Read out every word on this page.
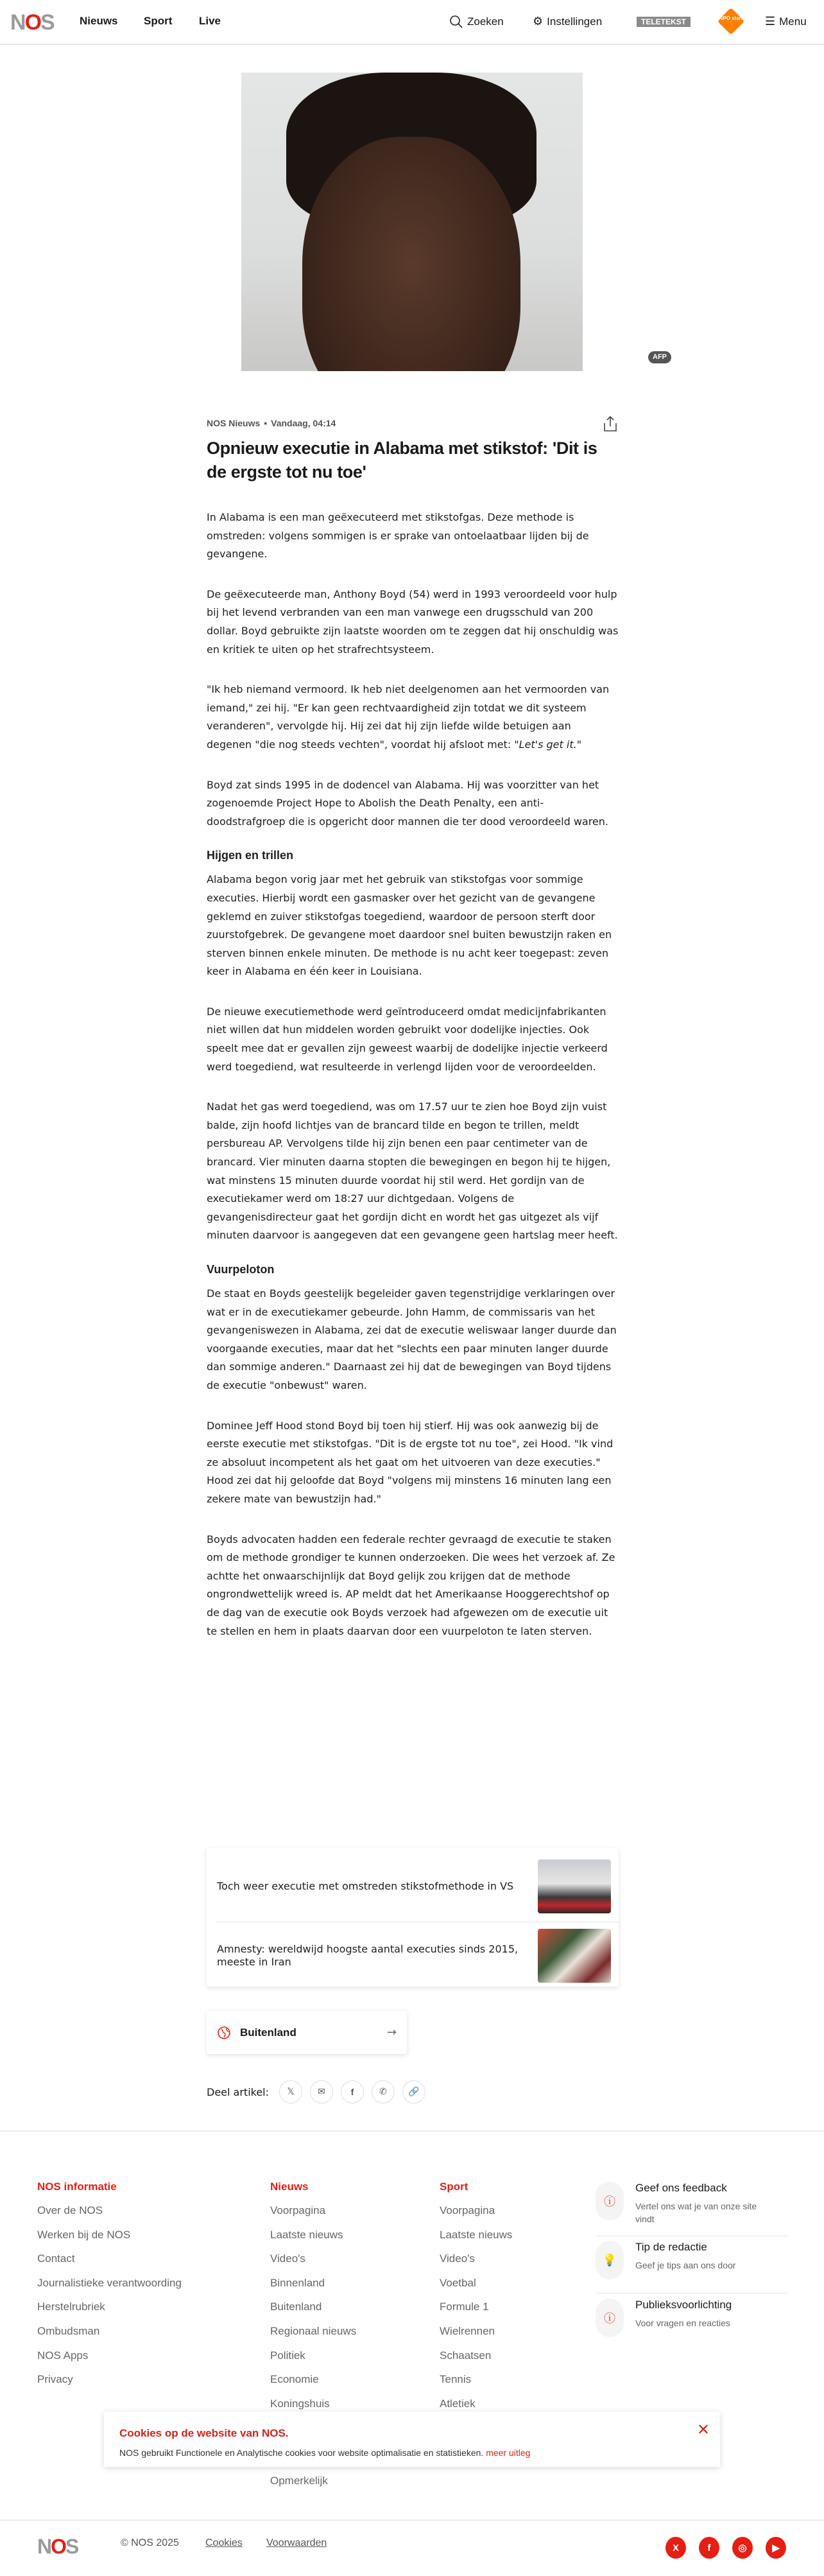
NOS Nieuws Sport Live	Zoeken	⚙ Instellingen	TELETEKST	NPO start ☰ Menu
AFP
NOS Nieuws • Vandaag, 04:14
Opnieuw executie in Alabama met stikstof: 'Dit is de ergste tot nu toe'

In Alabama is een man geëxecuteerd met stikstofgas. Deze methode is omstreden: volgens sommigen is er sprake van ontoelaatbaar lijden bij de gevangene.

De geëxecuteerde man, Anthony Boyd (54) werd in 1993 veroordeeld voor hulp bij het levend verbranden van een man vanwege een drugsschuld van 200 dollar. Boyd gebruikte zijn laatste woorden om te zeggen dat hij onschuldig was en kritiek te uiten op het strafrechtsysteem.

"Ik heb niemand vermoord. Ik heb niet deelgenomen aan het vermoorden van iemand," zei hij. "Er kan geen rechtvaardigheid zijn totdat we dit systeem veranderen", vervolgde hij. Hij zei dat hij zijn liefde wilde betuigen aan degenen "die nog steeds vechten", voordat hij afsloot met: "Let's get it."

Boyd zat sinds 1995 in de dodencel van Alabama. Hij was voorzitter van het zogenoemde Project Hope to Abolish the Death Penalty, een anti-doodstrafgroep die is opgericht door mannen die ter dood veroordeeld waren.

Hijgen en trillen

Alabama begon vorig jaar met het gebruik van stikstofgas voor sommige executies. Hierbij wordt een gasmasker over het gezicht van de gevangene geklemd en zuiver stikstofgas toegediend, waardoor de persoon sterft door zuurstofgebrek. De gevangene moet daardoor snel buiten bewustzijn raken en sterven binnen enkele minuten. De methode is nu acht keer toegepast: zeven keer in Alabama en één keer in Louisiana.

De nieuwe executiemethode werd geïntroduceerd omdat medicijnfabrikanten niet willen dat hun middelen worden gebruikt voor dodelijke injecties. Ook speelt mee dat er gevallen zijn geweest waarbij de dodelijke injectie verkeerd werd toegediend, wat resulteerde in verlengd lijden voor de veroordeelden.

Nadat het gas werd toegediend, was om 17.57 uur te zien hoe Boyd zijn vuist balde, zijn hoofd lichtjes van de brancard tilde en begon te trillen, meldt persbureau AP. Vervolgens tilde hij zijn benen een paar centimeter van de brancard. Vier minuten daarna stopten die bewegingen en begon hij te hijgen, wat minstens 15 minuten duurde voordat hij stil werd. Het gordijn van de executiekamer werd om 18:27 uur dichtgedaan. Volgens de gevangenisdirecteur gaat het gordijn dicht en wordt het gas uitgezet als vijf minuten daarvoor is aangegeven dat een gevangene geen hartslag meer heeft.

Vuurpeloton

De staat en Boyds geestelijk begeleider gaven tegenstrijdige verklaringen over wat er in de executiekamer gebeurde. John Hamm, de commissaris van het gevangeniswezen in Alabama, zei dat de executie weliswaar langer duurde dan voorgaande executies, maar dat het "slechts een paar minuten langer duurde dan sommige anderen." Daarnaast zei hij dat de bewegingen van Boyd tijdens de executie "onbewust" waren.

Dominee Jeff Hood stond Boyd bij toen hij stierf. Hij was ook aanwezig bij de eerste executie met stikstofgas. "Dit is de ergste tot nu toe", zei Hood. "Ik vind ze absoluut incompetent als het gaat om het uitvoeren van deze executies." Hood zei dat hij geloofde dat Boyd "volgens mij minstens 16 minuten lang een zekere mate van bewustzijn had."

Boyds advocaten hadden een federale rechter gevraagd de executie te staken om de methode grondiger te kunnen onderzoeken. Die wees het verzoek af. Ze achtte het onwaarschijnlijk dat Boyd gelijk zou krijgen dat de methode ongrondwettelijk wreed is. AP meldt dat het Amerikaanse Hooggerechtshof op de dag van de executie ook Boyds verzoek had afgewezen om de executie uit te stellen en hem in plaats daarvan door een vuurpeloton te laten sterven.

Toch weer executie met omstreden stikstofmethode in VS
Amnesty: wereldwijd hoogste aantal executies sinds 2015, meeste in Iran
Buitenland	→
Deel artikel: 𝕏	✉	f	✆ 🔗
NOS informatie
Over de NOS
Werken bij de NOS
Contact
Journalistieke verantwoording
Herstelrubriek
Ombudsman
NOS Apps
Privacy
Nieuws
Voorpagina
Laatste nieuws
Video's
Binnenland
Buitenland
Regionaal nieuws
Politiek
Economie
Koningshuis
Opmerkelijk
Sport
Voorpagina
Laatste nieuws
Video's
Voetbal
Formule 1
Wielrennen
Schaatsen
Tennis
Atletiek
ⓘ
Geef ons feedback
Vertel ons wat je van onze site vindt
💡
Tip de redactie
Geef je tips aan ons door
ⓘ
Publieksvoorlichting
Voor vragen en reacties
Cookies op de website van NOS.
NOS gebruikt Functionele en Analytische cookies voor website optimalisatie en statistieken. meer uitleg
✕
NOS	© NOS 2025	Cookies Voorwaarden	X	f	◎	▶
